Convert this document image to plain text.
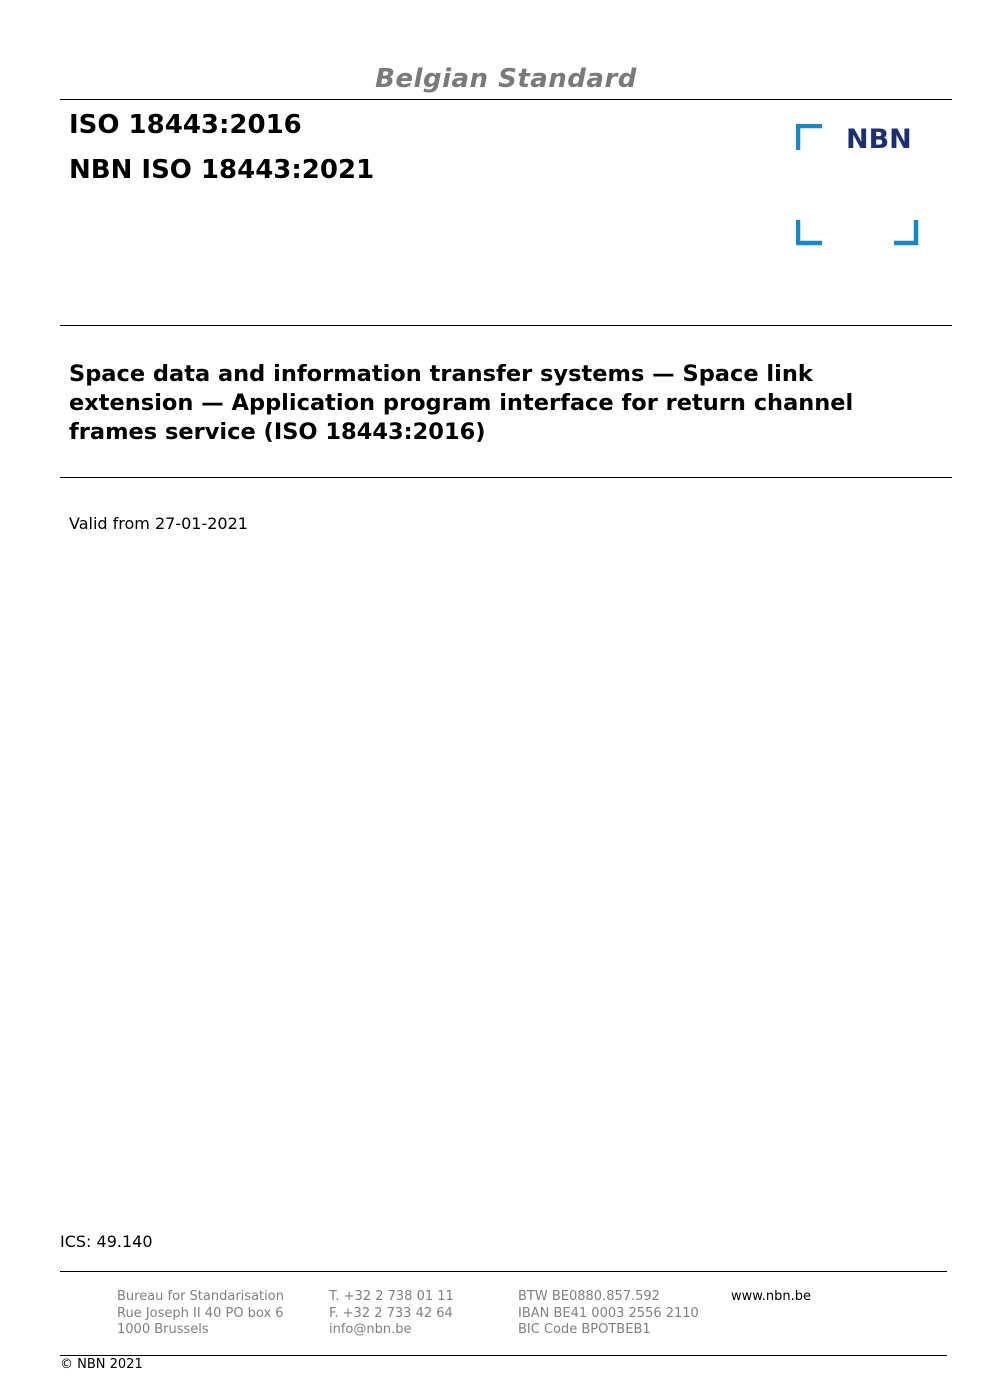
Belgian Standard
ISO 18443:2016
NBN ISO 18443:2021
NBN
Space data and information transfer systems — Space link extension — Application program interface for return channel frames service (ISO 18443:2016)
Valid from 27-01-2021
ICS: 49.140
Bureau for Standarisation
Rue Joseph II 40 PO box 6
1000 Brussels
T. +32 2 738 01 11
F. +32 2 733 42 64
info@nbn.be
BTW BE0880.857.592
IBAN BE41 0003 2556 2110
BIC Code BPOTBEB1
www.nbn.be
© NBN 2021
